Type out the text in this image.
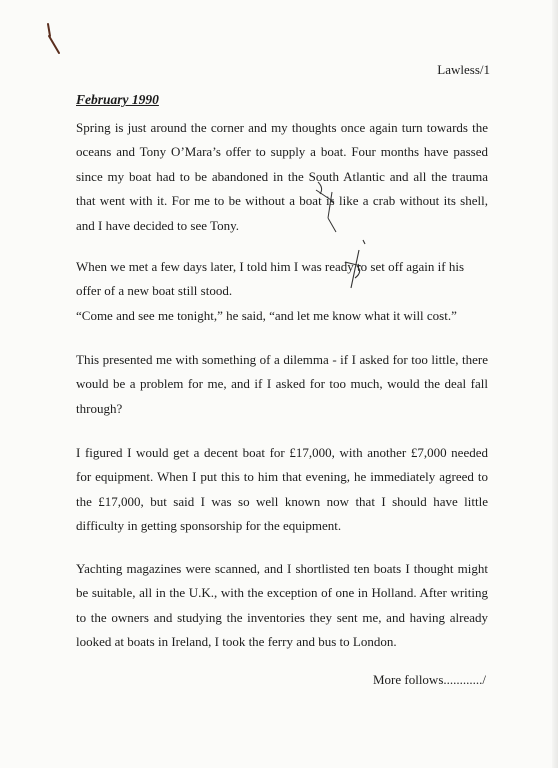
Lawless/1
February 1990

Spring is just around the corner and my thoughts once again turn towards the oceans and Tony O’Mara’s offer to supply a boat. Four months have passed since my boat had to be abandoned in the South Atlantic and all the trauma that went with it. For me to be without a boat is like a crab without its shell, and I have decided to see Tony.

When we met a few days later, I told him I was ready to set off again if his offer of a new boat still stood.

“Come and see me tonight,” he said, “and let me know what it will cost.”

This presented me with something of a dilemma - if I asked for too little, there would be a problem for me, and if I asked for too much, would the deal fall through?

I figured I would get a decent boat for £17,000, with another £7,000 needed for equipment. When I put this to him that evening, he immediately agreed to the £17,000, but said I was so well known now that I should have little difficulty in getting sponsorship for the equipment.

Yachting magazines were scanned, and I shortlisted ten boats I thought might be suitable, all in the U.K., with the exception of one in Holland. After writing to the owners and studying the inventories they sent me, and having already looked at boats in Ireland, I took the ferry and bus to London.

More follows............/
